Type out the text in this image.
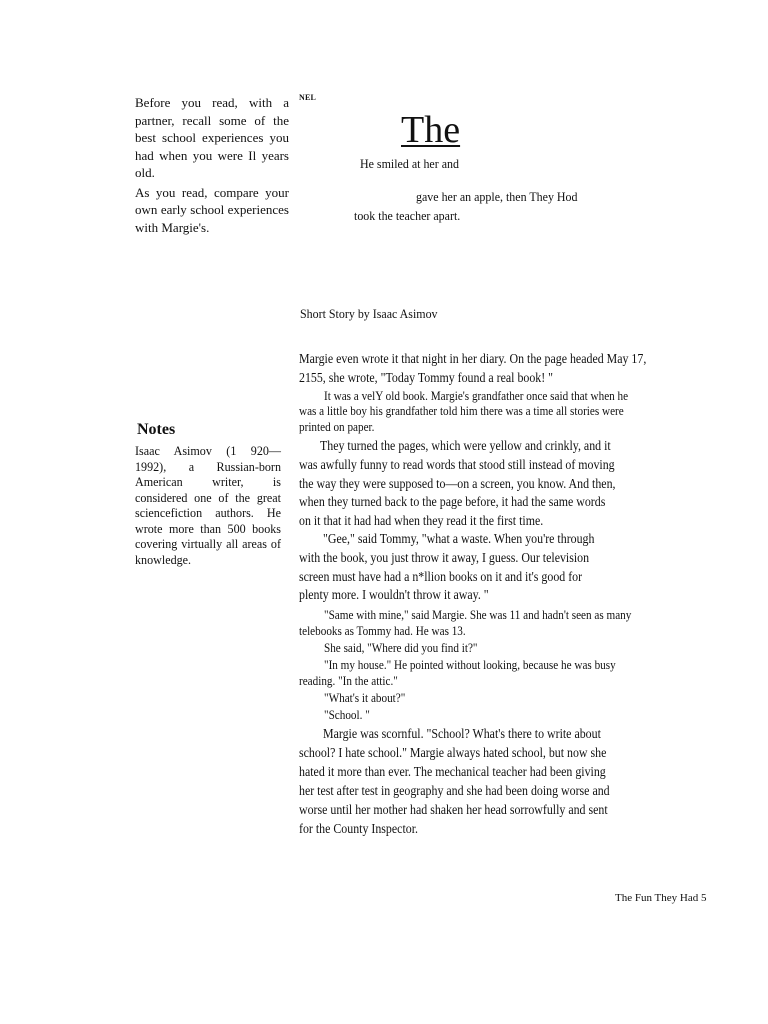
Before you read, with a partner, recall some of the best school experiences you had when you were Il years old.

As you read, compare your own early school experiences with Margie's.

NEL
The
He smiled at her and
gave her an apple, then They Hod
took the teacher apart.
Short Story by Isaac Asimov
Notes

Isaac Asimov (1 920— 1992), a Russian-born American writer, is considered one of the great sciencefiction authors. He wrote more than 500 books covering virtually all areas of knowledge.

Margie even wrote it that night in her diary. On the page headed May 17,
2155, she wrote, "Today Tommy found a real book! "
It was a velY old book. Margie's grandfather once said that when he
was a little boy his grandfather told him there was a time all stories were
printed on paper.
They turned the pages, which were yellow and crinkly, and it
was awfully funny to read words that stood still instead of moving
the way they were supposed to—on a screen, you know. And then,
when they turned back to the page before, it had the same words
on it that it had had when they read it the first time.
"Gee," said Tommy, "what a waste. When you're through
with the book, you just throw it away, I guess. Our television
screen must have had a n*llion books on it and it's good for
plenty more. I wouldn't throw it away. "
"Same with mine," said Margie. She was 11 and hadn't seen as many
telebooks as Tommy had. He was 13.
She said, "Where did you find it?"
"In my house." He pointed without looking, because he was busy
reading. "In the attic."
"What's it about?"
"School. "
Margie was scornful. "School? What's there to write about
school? I hate school." Margie always hated school, but now she
hated it more than ever. The mechanical teacher had been giving
her test after test in geography and she had been doing worse and
worse until her mother had shaken her head sorrowfully and sent
for the County Inspector.
The Fun They Had 5
